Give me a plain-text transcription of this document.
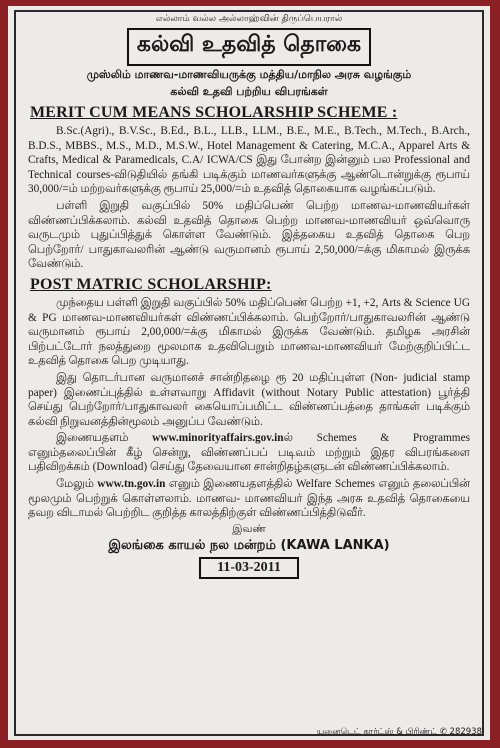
எல்லாம் வல்ல அல்லாஹ்வின் திருப்பெயரால்
கல்வி உதவித் தொகை
முஸ்லிம் மாணவ-மாணவியருக்கு மத்திய/மாநில அரசு வழங்கும்
கல்வி உதவி பற்றிய விபரங்கள்
MERIT CUM MEANS SCHOLARSHIP SCHEME :

B.Sc.(Agri)., B.V.Sc., B.Ed., B.L., LLB., LLM., B.E., M.E., B.Tech., M.Tech., B.Arch., B.D.S., MBBS., M.S., M.D., M.S.W., Hotel Management & Catering, M.C.A., Apparel Arts & Crafts, Medical & Paramedicals, C.A/ ICWA/CS இது போன்ற இன்னும் பல Professional and Technical courses-விடுதியில் தங்கி படிக்கும் மாணவர்களுக்கு ஆண்டொன்றுக்கு ரூபாய் 30,000/=ம் மற்றவர்களுக்கு ரூபாய் 25,000/=ம் உதவித் தொகையாக வழங்கப்படும்.

பள்ளி இறுதி வகுப்பில் 50% மதிப்பெண் பெற்ற மாணவ-மாணவியர்கள் விண்ணப்பிக்கலாம். கல்வி உதவித் தொகை பெற்ற மாணவ-மாணவியர் ஒவ்வொரு வருடமும் புதுப்பித்துக் கொள்ள வேண்டும். இத்தகைய உதவித் தொகை பெற பெற்றோர்/ பாதுகாவலரின் ஆண்டு வருமானம் ரூபாய் 2,50,000/=க்கு மிகாமல் இருக்க வேண்டும்.

POST MATRIC SCHOLARSHIP:

முந்தைய பள்ளி இறுதி வகுப்பில் 50% மதிப்பெண் பெற்ற +1, +2, Arts & Science UG & PG மாணவ-மாணவியர்கள் விண்ணப்பிக்கலாம். பெற்றோர்/பாதுகாவலரின் ஆண்டு வருமானம் ரூபாய் 2,00,000/=க்கு மிகாமல் இருக்க வேண்டும். தமிழக அரசின் பிற்பட்டோர் நலத்துறை மூலமாக உதவிபெறும் மாணவ-மாணவியர் மேற்குறிப்பிட்ட உதவித் தொகை பெற முடியாது.

இது தொடர்பான வருமானச் சான்றிதழை ரூ 20 மதிப்புள்ள (Non- judicial stamp paper) இணைப்புத்தில் உள்ளவாறு Affidavit (without Notary Public attestation) பூர்த்தி செய்து பெற்றோர்/பாதுகாவலர் கையொப்பமிட்ட விண்ணப்பத்தை தாங்கள் படிக்கும் கல்வி நிறுவனத்தின்மூலம் அனுப்ப வேண்டும்.

இணையதளம் www.minorityaffairs.gov.inல் Schemes & Programmes எனும்தலைப்பின் கீழ் சென்று, விண்ணப்பப் படிவம் மற்றும் இதர விபரங்களை பதிவிறக்கம் (Download) செய்து தேவையான சான்றிதழ்களுடன் விண்ணப்பிக்கலாம்.

மேலும் www.tn.gov.in எனும் இணையதளத்தில் Welfare Schemes எனும் தலைப்பின் மூலமும் பெற்றுக் கொள்ளலாம். மாணவ- மாணவியர் இந்த அரசு உதவித் தொகையை தவற விடாமல் பெற்றிட குறித்த காலத்திற்குள் விண்ணப்பித்திடுவீர்.

இவண்
இலங்கை காயல் நல மன்றம் (KAWA LANKA)
11-03-2011
யுனைடெட் கார்ட்ஸ் & பிரிண்ட் ✆ 282938
